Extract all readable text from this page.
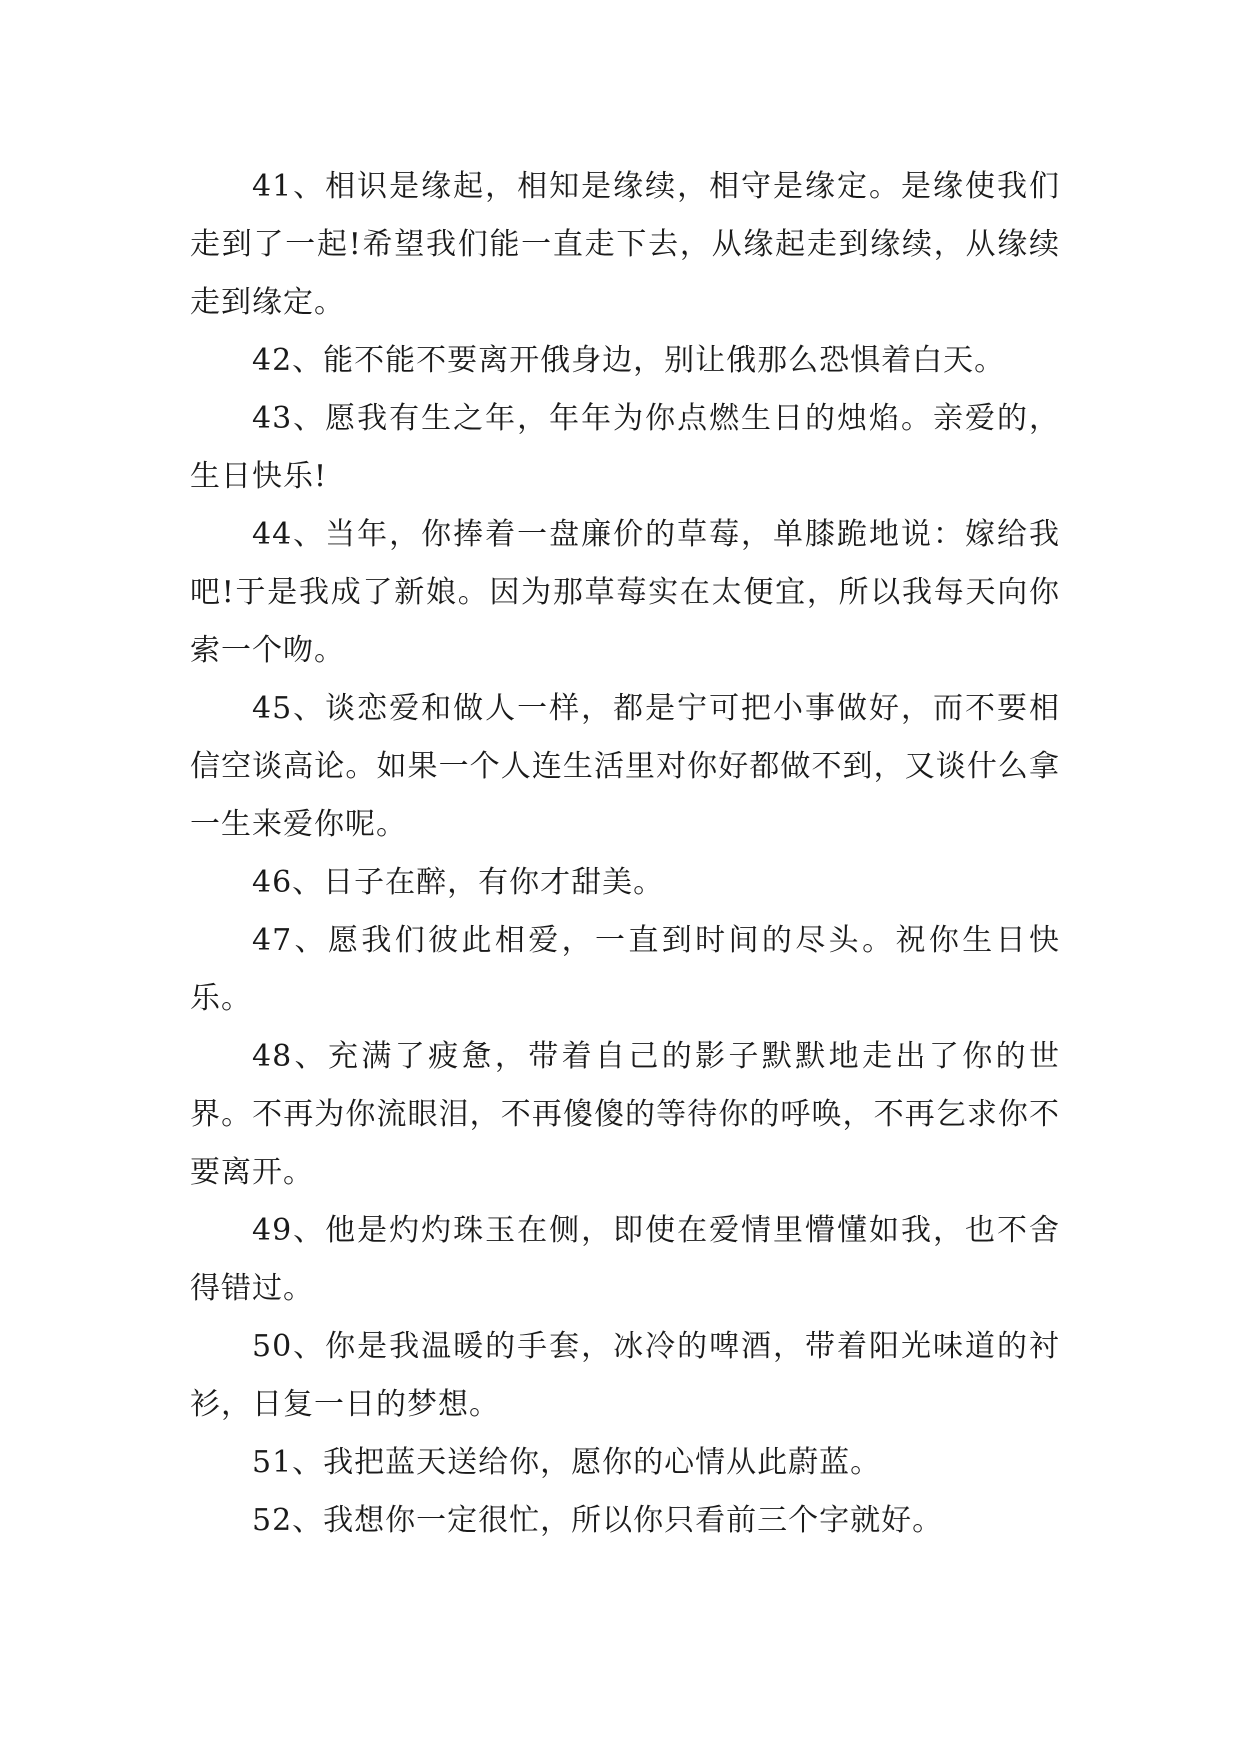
41、相识是缘起，相知是缘续，相守是缘定。是缘使我们走到了一起!希望我们能一直走下去，从缘起走到缘续，从缘续走到缘定。

42、能不能不要离开俄身边，别让俄那么恐惧着白天。

43、愿我有生之年，年年为你点燃生日的烛焰。亲爱的，生日快乐!

44、当年，你捧着一盘廉价的草莓，单膝跪地说：嫁给我吧!于是我成了新娘。因为那草莓实在太便宜，所以我每天向你索一个吻。

45、谈恋爱和做人一样，都是宁可把小事做好，而不要相信空谈高论。如果一个人连生活里对你好都做不到，又谈什么拿一生来爱你呢。

46、日子在醉，有你才甜美。

47、愿我们彼此相爱，一直到时间的尽头。祝你生日快乐。

48、充满了疲惫，带着自己的影子默默地走出了你的世界。不再为你流眼泪，不再傻傻的等待你的呼唤，不再乞求你不要离开。

49、他是灼灼珠玉在侧，即使在爱情里懵懂如我，也不舍得错过。

50、你是我温暖的手套，冰冷的啤酒，带着阳光味道的衬衫，日复一日的梦想。

51、我把蓝天送给你，愿你的心情从此蔚蓝。

52、我想你一定很忙，所以你只看前三个字就好。
